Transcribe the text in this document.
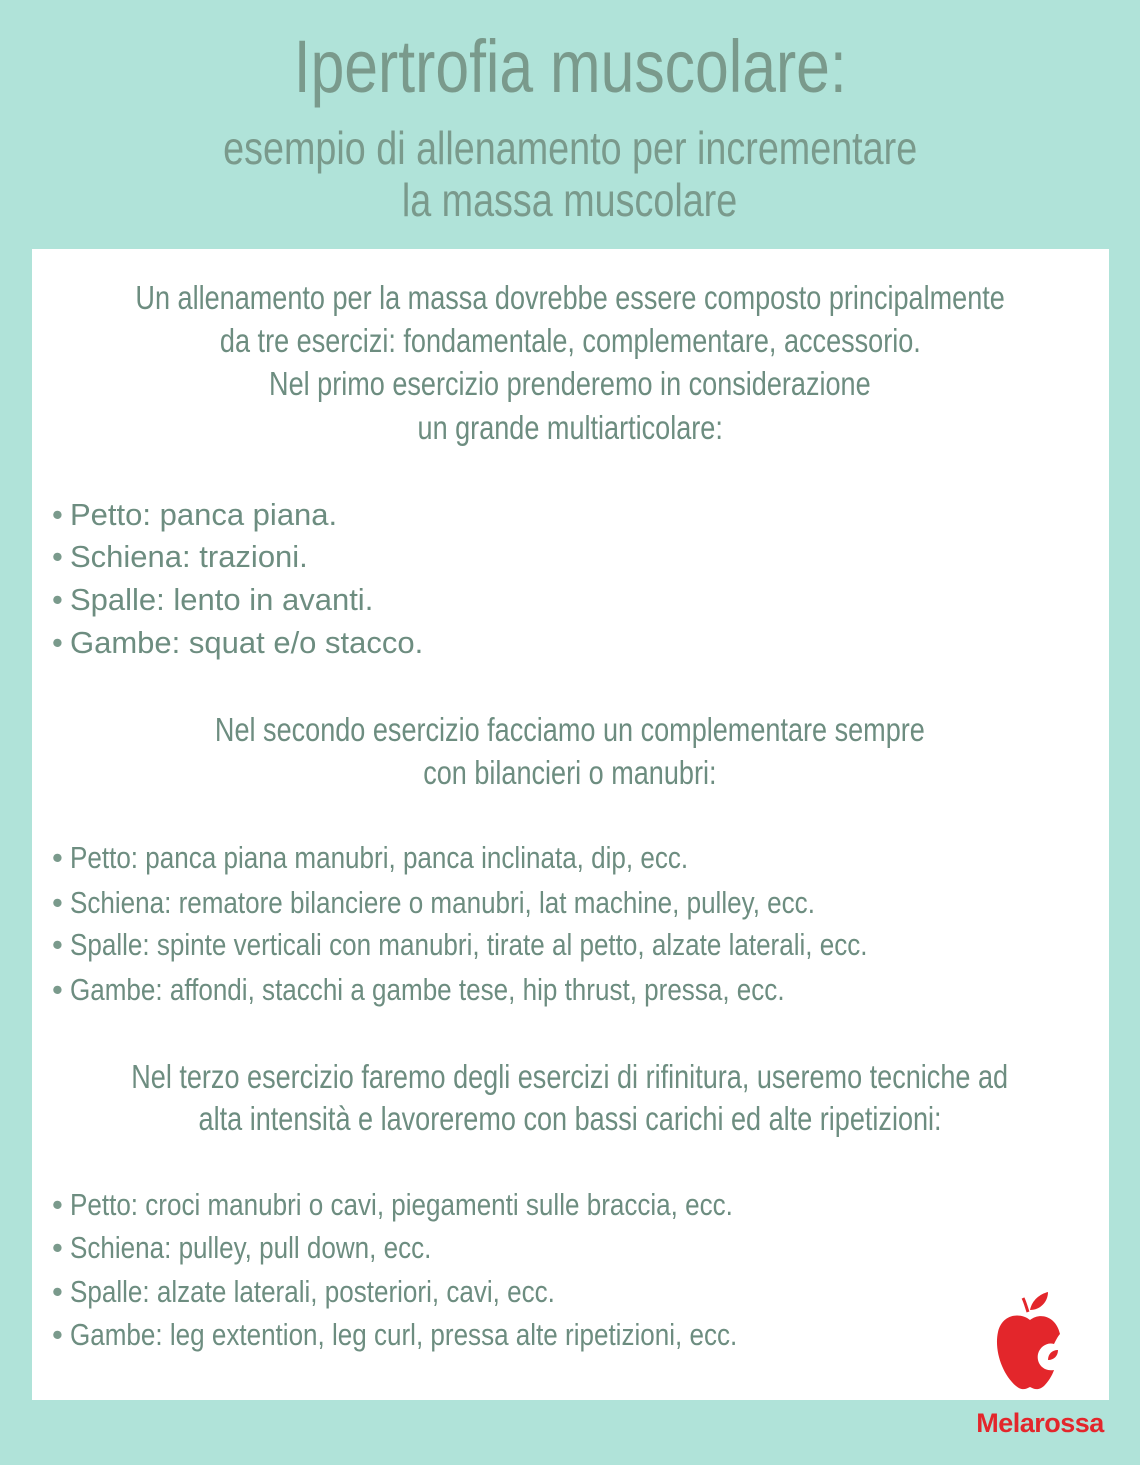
Ipertrofia muscolare:
esempio di allenamento per incrementare
la massa muscolare
Un allenamento per la massa dovrebbe essere composto principalmente
da tre esercizi: fondamentale, complementare, accessorio.
Nel primo esercizio prenderemo in considerazione
un grande multiarticolare:
• Petto: panca piana.
• Schiena: trazioni.
• Spalle: lento in avanti.
• Gambe: squat e/o stacco.
Nel secondo esercizio facciamo un complementare sempre
con bilancieri o manubri:
• Petto: panca piana manubri, panca inclinata, dip, ecc.
• Schiena: rematore bilanciere o manubri, lat machine, pulley, ecc.
• Spalle: spinte verticali con manubri, tirate al petto, alzate laterali, ecc.
• Gambe: affondi, stacchi a gambe tese, hip thrust, pressa, ecc.
Nel terzo esercizio faremo degli esercizi di rifinitura, useremo tecniche ad
alta intensità e lavoreremo con bassi carichi ed alte ripetizioni:
• Petto: croci manubri o cavi, piegamenti sulle braccia, ecc.
• Schiena: pulley, pull down, ecc.
• Spalle: alzate laterali, posteriori, cavi, ecc.
• Gambe: leg extention, leg curl, pressa alte ripetizioni, ecc.
Melarossa
